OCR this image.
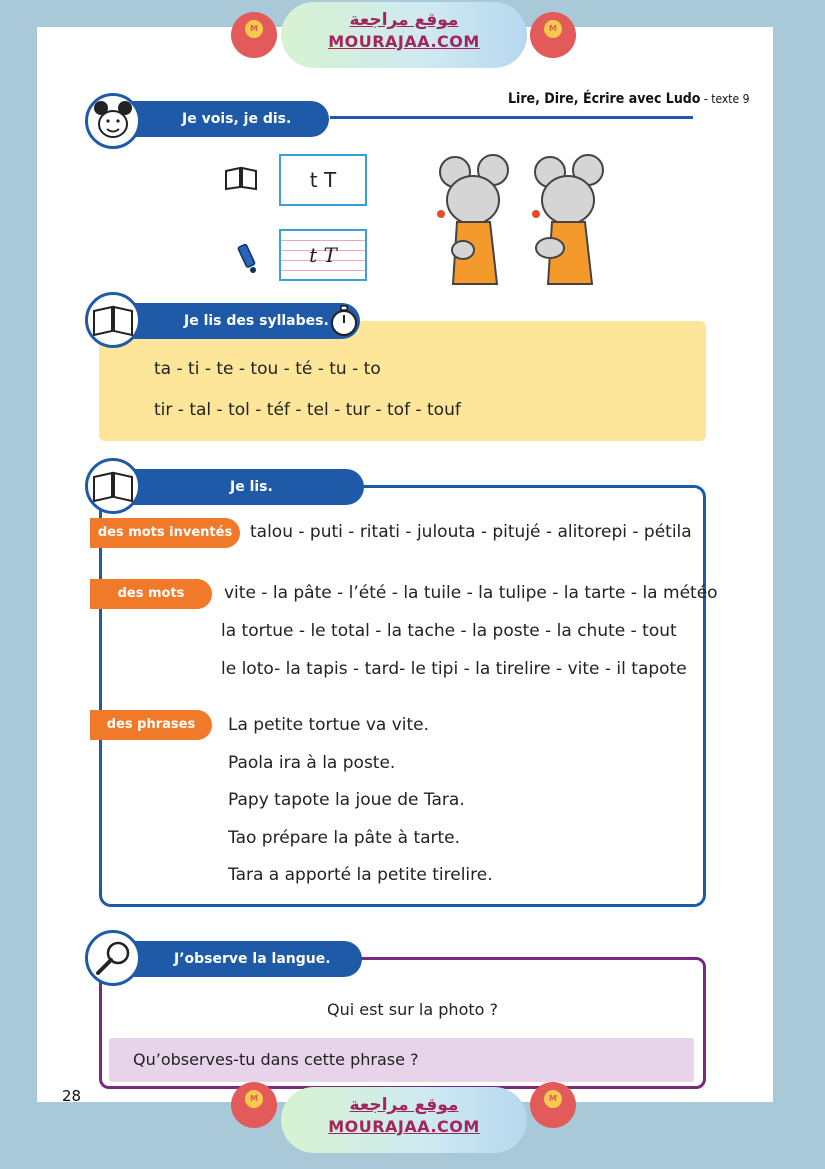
M	موقع مراجعة
MOURAJAA.COM
M
Lire, Dire, Écrire avec Ludo - texte 9
Je vois, je dis.
t T
t T
ta - ti - te - tou - té - tu - to
tir - tal - tol - téf - tel - tur - tof - touf
Je lis des syllabes.
Je lis.
des mots inventés	talou - puti - ritati - julouta - pitujé - alitorepi - pétila
des mots	vite - la pâte - l’été - la tuile - la tulipe - la tarte - la météo
la tortue - le total - la tache - la poste - la chute - tout
le loto- la tapis - tard- le tipi - la tirelire - vite - il tapote
des phrases	La petite tortue va vite.
Paola ira à la poste.
Papy tapote la joue de Tara.
Tao prépare la pâte à tarte.
Tara a apporté la petite tirelire.
J’observe la langue.
Qui est sur la photo ?
Qu’observes-tu dans cette phrase ?
28	M	موقع مراجعة
MOURAJAA.COM
M
